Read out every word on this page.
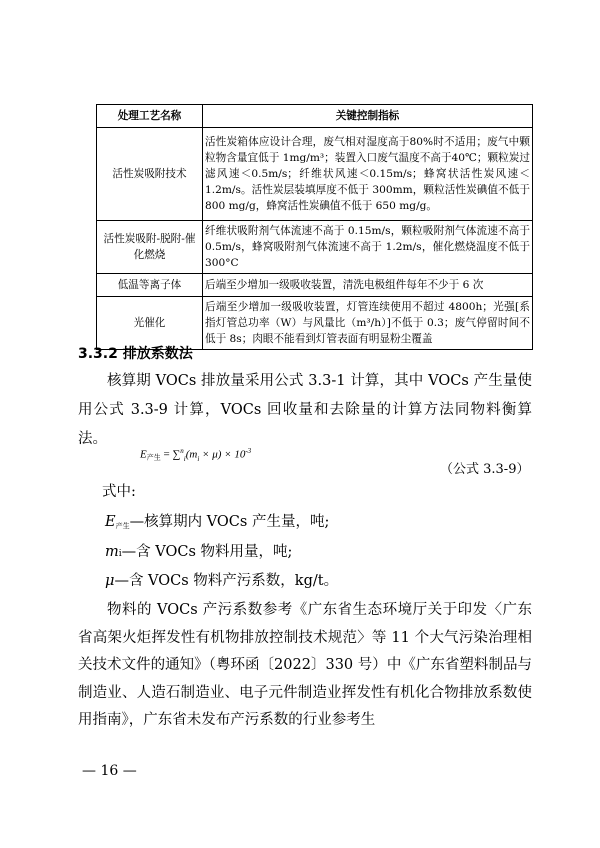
处理工艺名称	关键控制指标
活性炭吸附技术	活性炭箱体应设计合理，废气相对湿度高于80%时不适用；废气中颗粒物含量宜低于 1mg/m³；装置入口废气温度不高于40℃；颗粒炭过滤风速＜0.5m/s；纤维状风速＜0.15m/s；蜂窝状活性炭风速＜1.2m/s。活性炭层装填厚度不低于 300mm，颗粒活性炭碘值不低于 800 mg/g，蜂窝活性炭碘值不低于 650 mg/g。
活性炭吸附-脱附-催化燃烧	纤维状吸附剂气体流速不高于 0.15m/s，颗粒吸附剂气体流速不高于 0.5m/s，蜂窝吸附剂气体流速不高于 1.2m/s，催化燃烧温度不低于 300°C
低温等离子体	后端至少增加一级吸收装置，清洗电极组件每年不少于 6 次
光催化	后端至少增加一级吸收装置，灯管连续使用不超过 4800h；光强[系指灯管总功率（W）与风量比（m³/h）]不低于 0.3；废气停留时间不低于 8s；肉眼不能看到灯管表面有明显粉尘覆盖
3.3.2 排放系数法
核算期 VOCs 排放量采用公式 3.3-1 计算，其中 VOCs 产生量使用公式 3.3-9 计算，VOCs 回收量和去除量的计算方法同物料衡算法。
$E_{产生} = \sum^n_i(m_i \times \mu) \times 10^{-3}$
（公式 3.3-9）
式中:
$E_{产生}—$核算期内 VOCs 产生量，吨;
mi—含 VOCs 物料用量，吨;
μ—含 VOCs 物料产污系数，kg/t。
物料的 VOCs 产污系数参考《广东省生态环境厅关于印发〈广东省高架火炬挥发性有机物排放控制技术规范〉等 11 个大气污染治理相关技术文件的通知》（粤环函〔2022〕330 号）中《广东省塑料制品与制造业、人造石制造业、电子元件制造业挥发性有机化合物排放系数使用指南》，广东省未发布产污系数的行业参考生
— 16 —
